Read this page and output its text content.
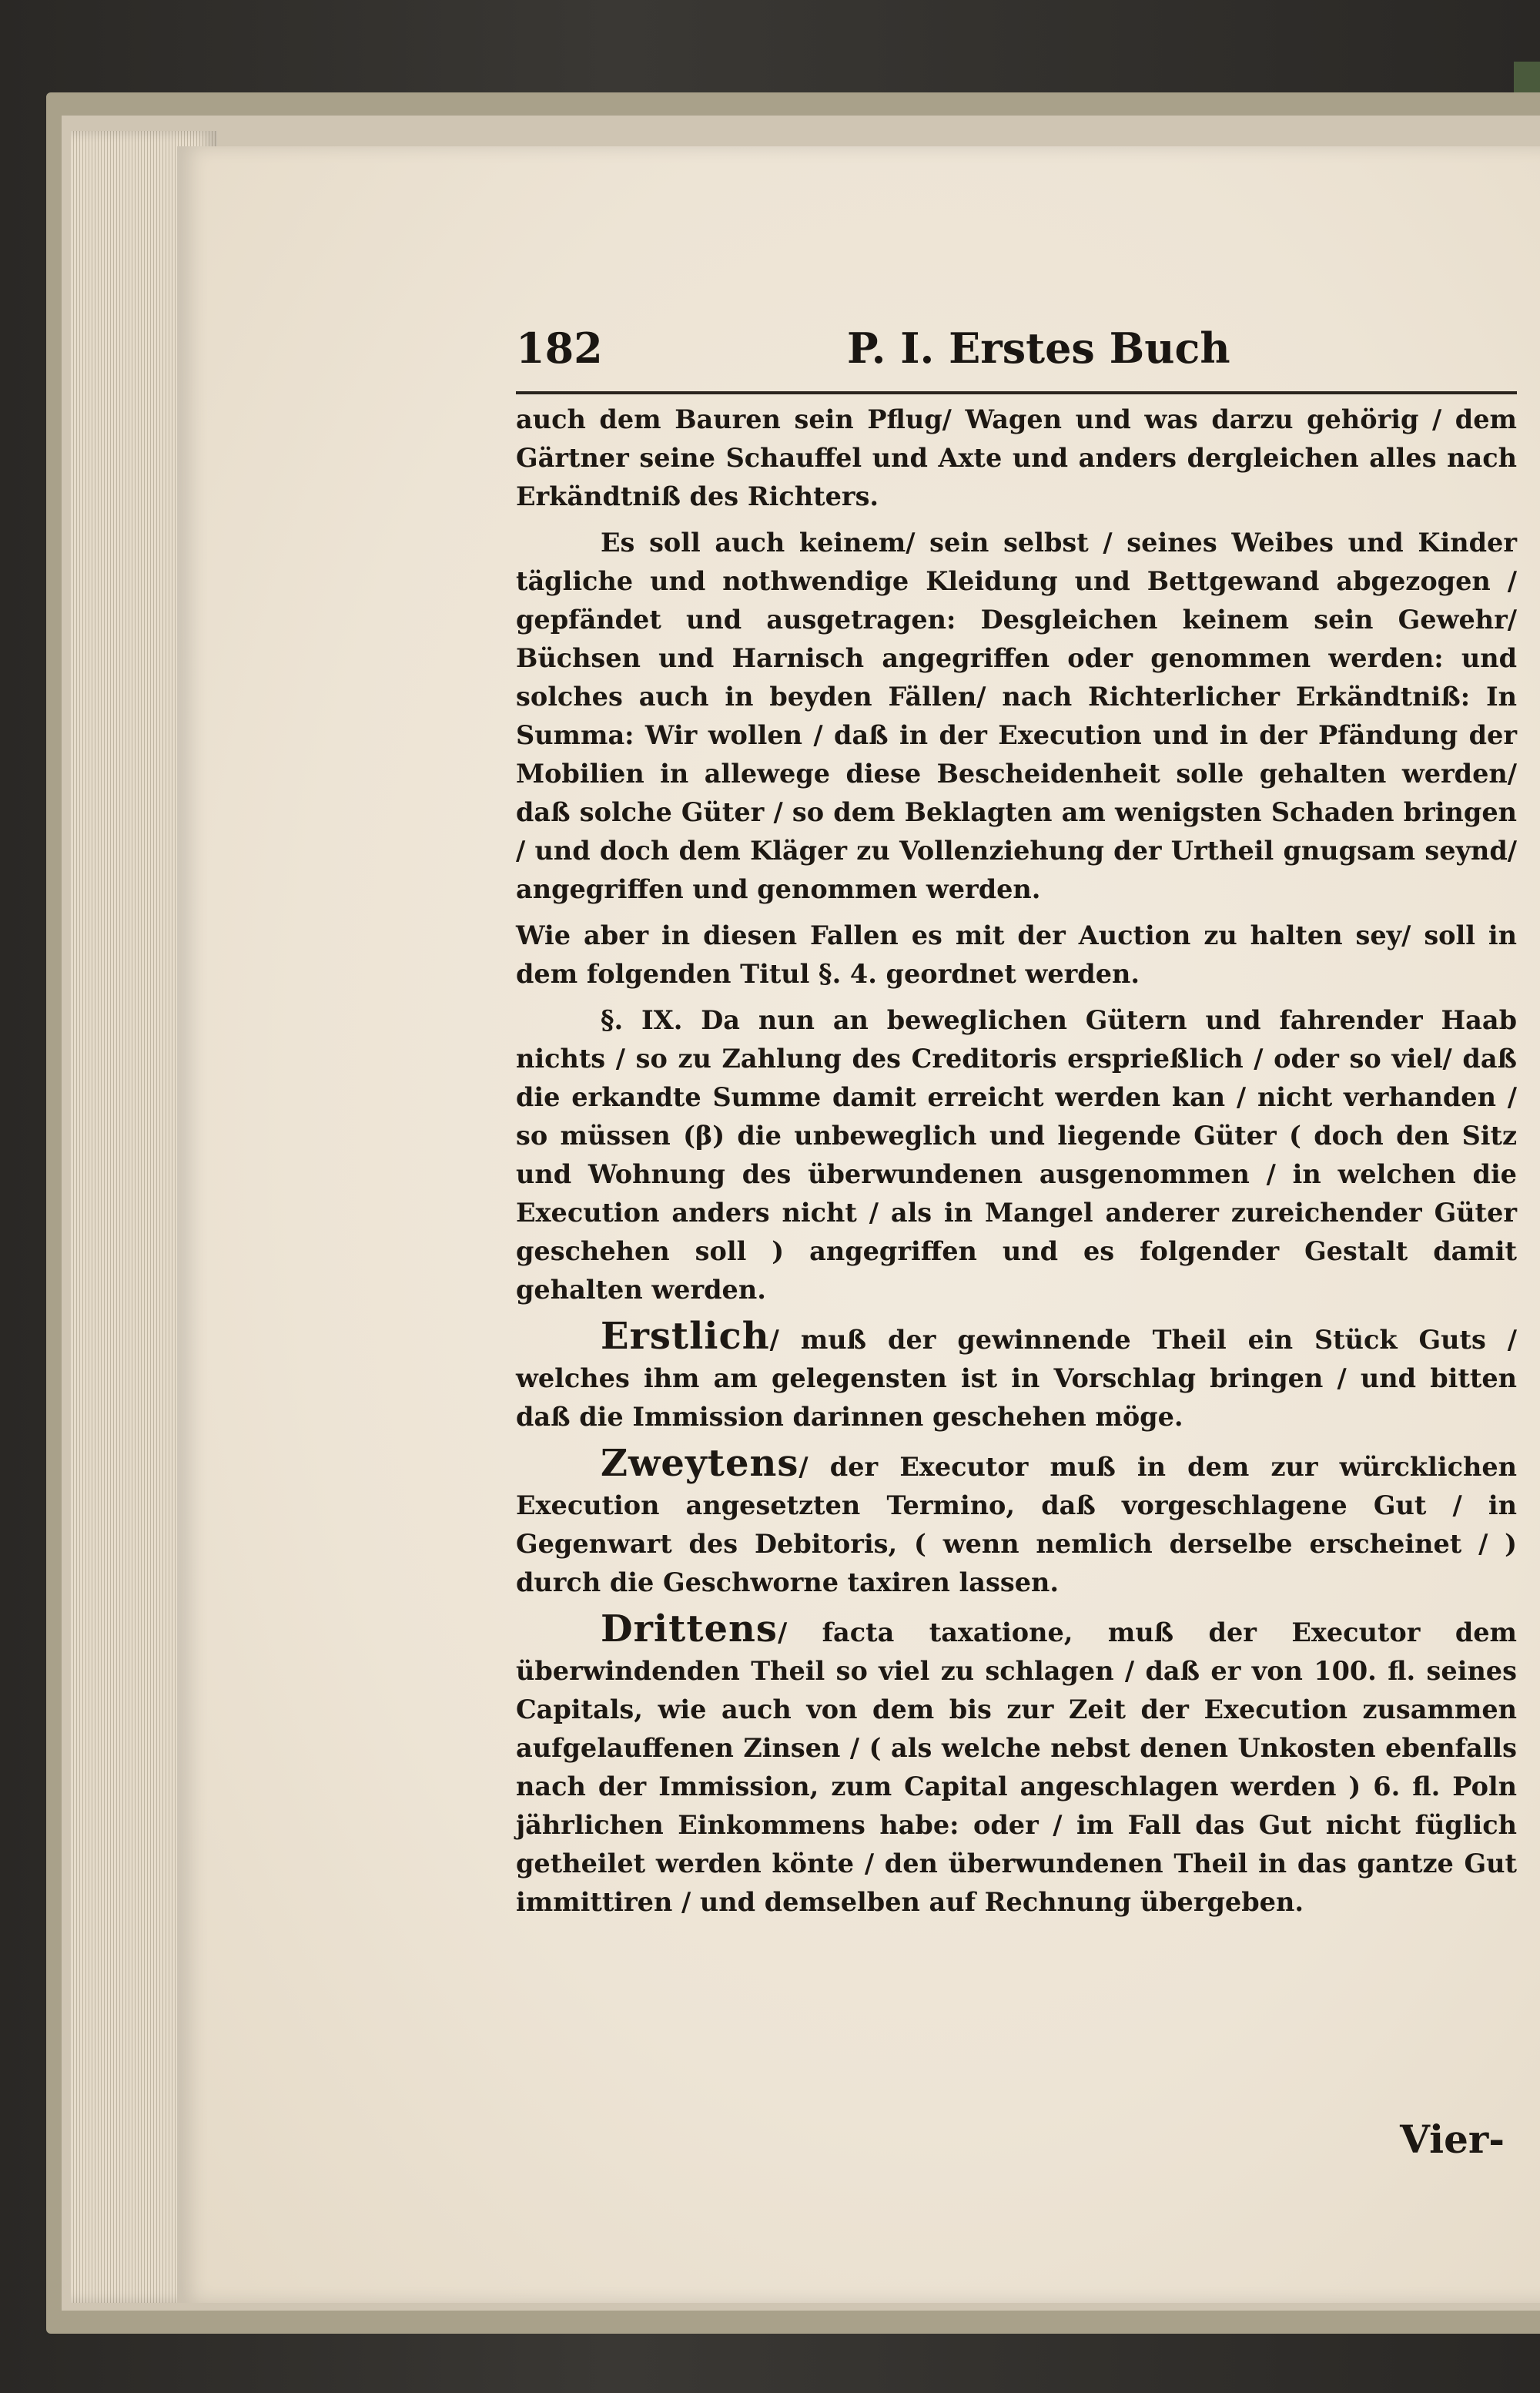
182	P. I. Erstes Buch

auch dem Bauren sein Pflug/ Wagen und was darzu gehörig / dem Gärtner seine Schauffel und Axte und anders dergleichen alles nach Erkändtniß des Richters.

Es soll auch keinem/ sein selbst / seines Weibes und Kinder tägliche und nothwendige Kleidung und Bettgewand abgezogen / gepfändet und ausgetragen: Desgleichen keinem sein Gewehr/ Büchsen und Harnisch angegriffen oder genommen werden: und solches auch in beyden Fällen/ nach Richterlicher Erkändtniß: In Summa: Wir wollen / daß in der Execution und in der Pfändung der Mobilien in allewege diese Bescheidenheit solle gehalten werden/ daß solche Güter / so dem Beklagten am wenigsten Schaden bringen / und doch dem Kläger zu Vollenziehung der Urtheil gnugsam seynd/ angegriffen und genommen werden.

Wie aber in diesen Fallen es mit der Auction zu halten sey/ soll in dem folgenden Titul §. 4. geordnet werden.

§. IX. Da nun an beweglichen Gütern und fahrender Haab nichts / so zu Zahlung des Creditoris erspriеßlich / oder so viel/ daß die erkandte Summe damit erreicht werden kan / nicht verhanden / so müssen (β) die unbeweglich und liegende Güter ( doch den Sitz und Wohnung des überwundenen ausgenommen / in welchen die Execution anders nicht / als in Mangel anderer zureichender Güter geschehen soll ) angegriffen und es folgender Gestalt damit gehalten werden.

Erstlich/ muß der gewinnende Theil ein Stück Guts / welches ihm am gelegensten ist in Vorschlag bringen / und bitten daß die Immission darinnen geschehen möge.

Zweytens/ der Executor muß in dem zur würcklichen Execution angesetzten Termino, daß vorgeschlagene Gut / in Gegenwart des Debitoris, ( wenn nemlich derselbe erscheinet / ) durch die Geschworne taxiren lassen.

Drittens/ facta taxatione, muß der Executor dem überwindenden Theil so viel zu schlagen / daß er von 100. fl. seines Capitals, wie auch von dem bis zur Zeit der Execution zusammen aufgelauffenen Zinsen / ( als welche nebst denen Unkosten ebenfalls nach der Immission, zum Capital angeschlagen werden ) 6. fl. Poln jährlichen Einkommens habe: oder / im Fall das Gut nicht füglich getheilet werden könte / den überwundenen Theil in das gantze Gut immittiren / und demselben auf Rechnung übergeben.

Vier-
